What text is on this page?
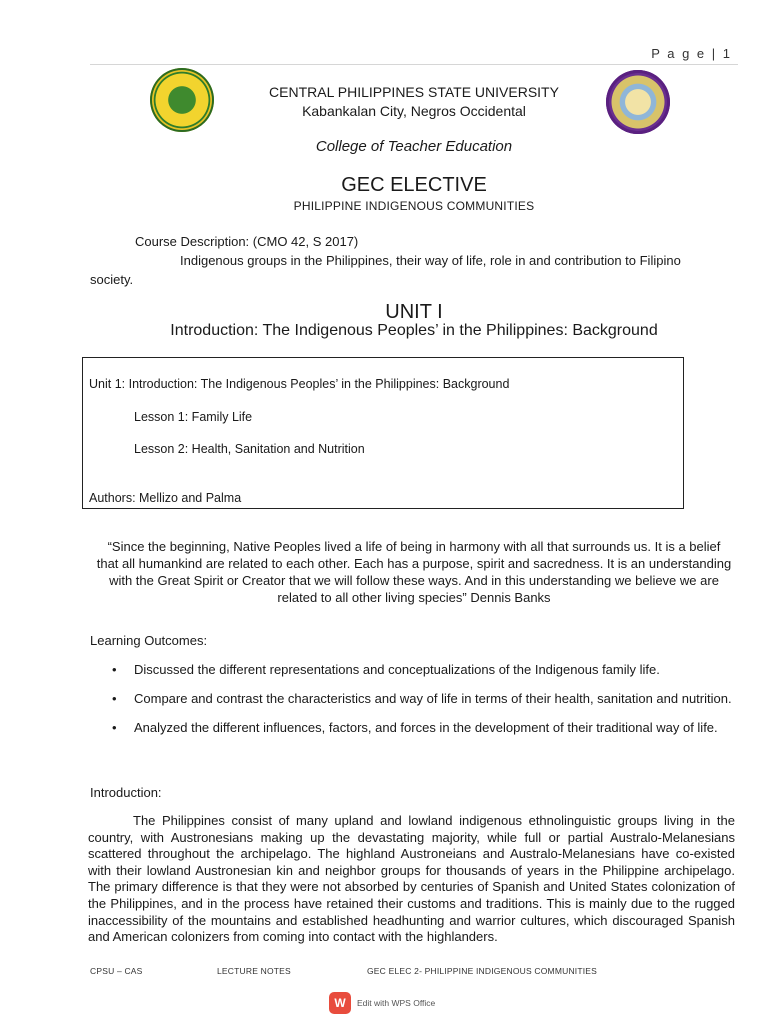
P a g e | 1
CENTRAL PHILIPPINES STATE UNIVERSITY
Kabankalan City, Negros Occidental
College of Teacher Education
GEC ELECTIVE
PHILIPPINE INDIGENOUS COMMUNITIES
Course Description: (CMO 42, S 2017)
Indigenous groups in the Philippines, their way of life, role in and contribution to Filipino
society.
UNIT I
Introduction: The Indigenous Peoples’ in the Philippines: Background
Unit 1: Introduction: The Indigenous Peoples’ in the Philippines: Background
Lesson 1: Family Life
Lesson 2: Health, Sanitation and Nutrition
Authors: Mellizo and Palma
“Since the beginning, Native Peoples lived a life of being in harmony with all that surrounds us. It is a belief that all humankind are related to each other. Each has a purpose, spirit and sacredness. It is an understanding with the Great Spirit or Creator that we will follow these ways. And in this understanding we believe we are related to all other living species” Dennis Banks
Learning Outcomes:
• Discussed the different representations and conceptualizations of the Indigenous family life.
• Compare and contrast the characteristics and way of life in terms of their health, sanitation and nutrition.
• Analyzed the different influences, factors, and forces in the development of their traditional way of life.
Introduction:
The Philippines consist of many upland and lowland indigenous ethnolinguistic groups living in the country, with Austronesians making up the devastating majority, while full or partial Australo-Melanesians scattered throughout the archipelago. The highland Austroneians and Australo-Melanesians have co-existed with their lowland Austronesian kin and neighbor groups for thousands of years in the Philippine archipelago. The primary difference is that they were not absorbed by centuries of Spanish and United States colonization of the Philippines, and in the process have retained their customs and traditions. This is mainly due to the rugged inaccessibility of the mountains and established headhunting and warrior cultures, which discouraged Spanish and American colonizers from coming into contact with the highlanders.
CPSU – CAS	LECTURE NOTES	GEC ELEC 2- PHILIPPINE INDIGENOUS COMMUNITIES
W	Edit with WPS Office
